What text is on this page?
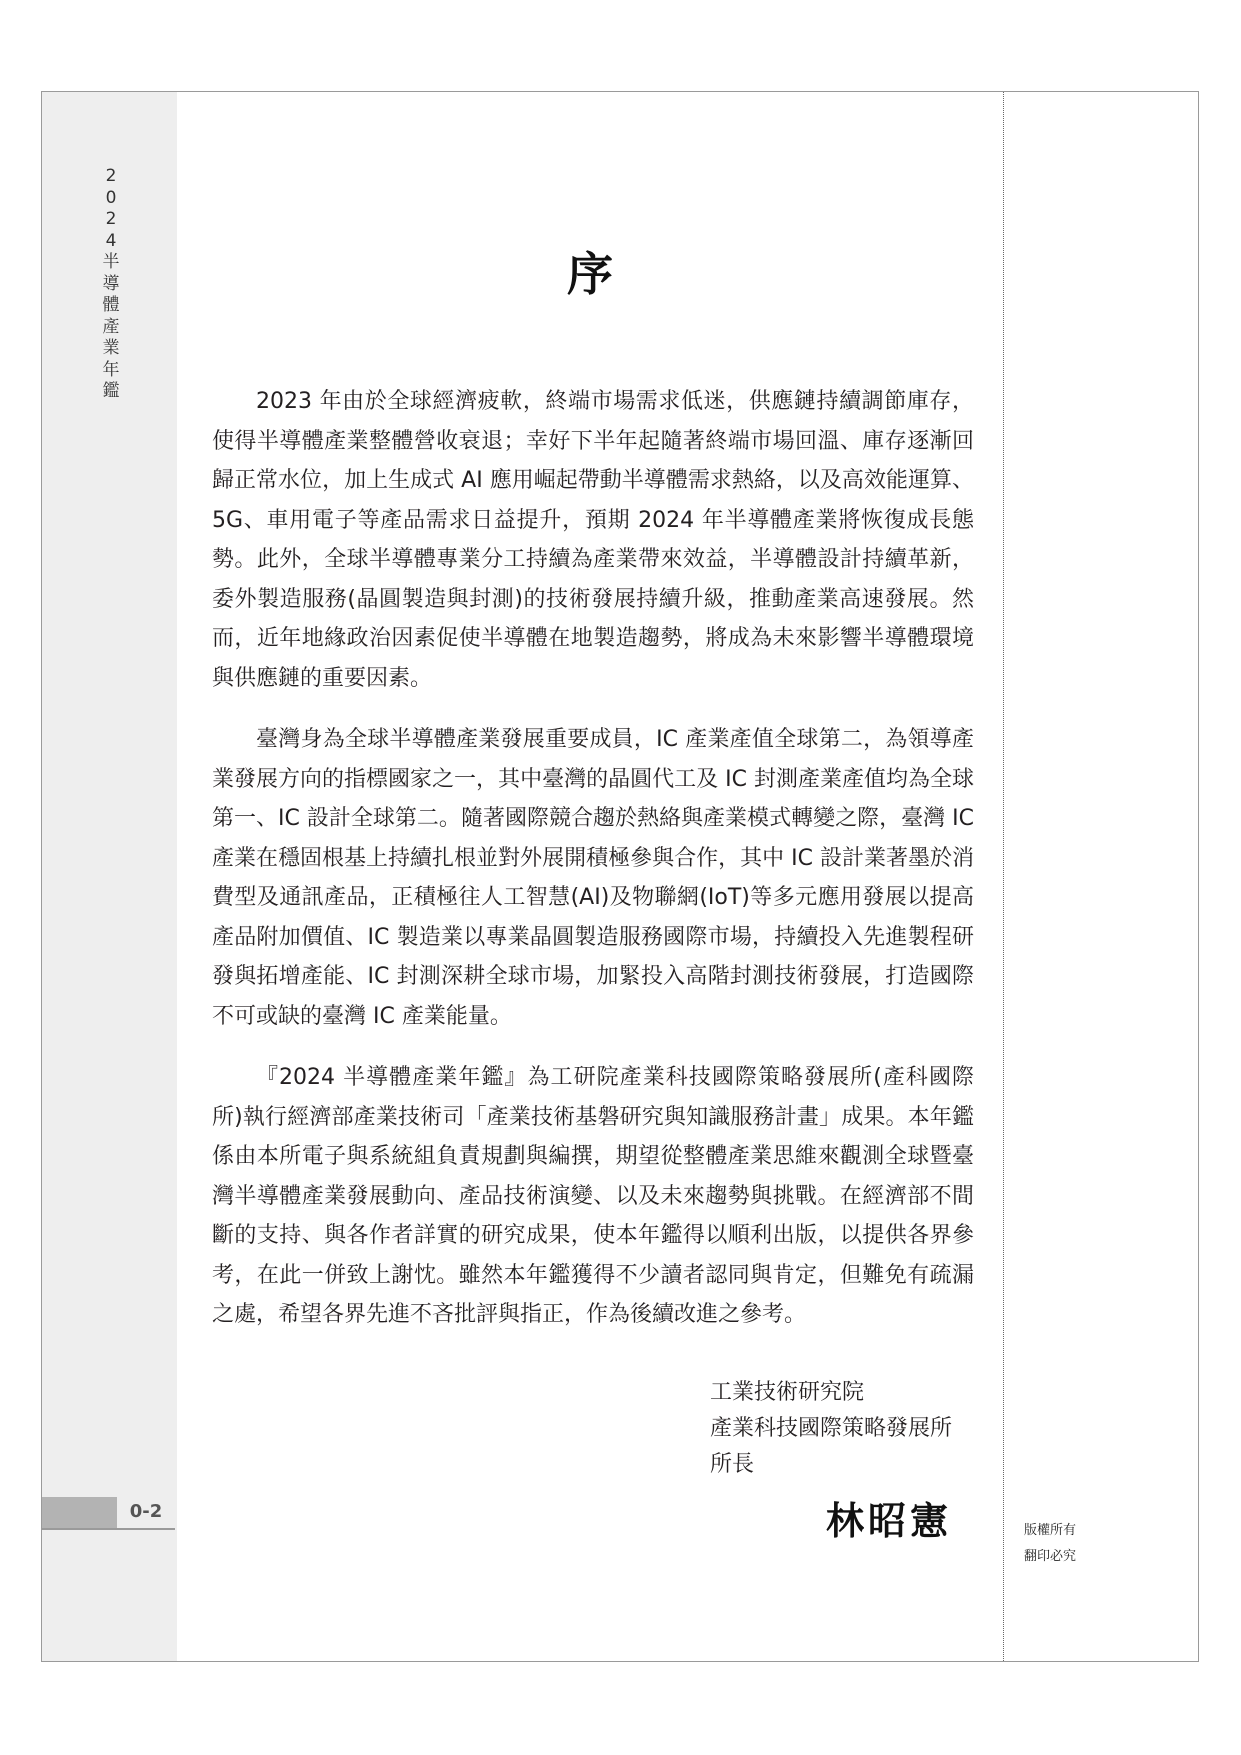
2
0
2
4
半
導
體
產
業
年
鑑
0-2
序

2023 年由於全球經濟疲軟，終端市場需求低迷，供應鏈持續調節庫存，使得半導體產業整體營收衰退；幸好下半年起隨著終端市場回溫、庫存逐漸回歸正常水位，加上生成式 AI 應用崛起帶動半導體需求熱絡，以及高效能運算、5G、車用電子等產品需求日益提升，預期 2024 年半導體產業將恢復成長態勢。此外，全球半導體專業分工持續為產業帶來效益，半導體設計持續革新，委外製造服務(晶圓製造與封測)的技術發展持續升級，推動產業高速發展。然而，近年地緣政治因素促使半導體在地製造趨勢，將成為未來影響半導體環境與供應鏈的重要因素。

臺灣身為全球半導體產業發展重要成員，IC 產業產值全球第二，為領導產業發展方向的指標國家之一，其中臺灣的晶圓代工及 IC 封測產業產值均為全球第一、IC 設計全球第二。隨著國際競合趨於熱絡與產業模式轉變之際，臺灣 IC 產業在穩固根基上持續扎根並對外展開積極參與合作，其中 IC 設計業著墨於消費型及通訊產品，正積極往人工智慧(AI)及物聯網(IoT)等多元應用發展以提高產品附加價值、IC 製造業以專業晶圓製造服務國際市場，持續投入先進製程研發與拓增產能、IC 封測深耕全球市場，加緊投入高階封測技術發展，打造國際不可或缺的臺灣 IC 產業能量。

『2024 半導體產業年鑑』為工研院產業科技國際策略發展所(產科國際所)執行經濟部產業技術司「產業技術基磐研究與知識服務計畫」成果。本年鑑係由本所電子與系統組負責規劃與編撰，期望從整體產業思維來觀測全球暨臺灣半導體產業發展動向、產品技術演變、以及未來趨勢與挑戰。在經濟部不間斷的支持、與各作者詳實的研究成果，使本年鑑得以順利出版，以提供各界參考，在此一併致上謝忱。雖然本年鑑獲得不少讀者認同與肯定，但難免有疏漏之處，希望各界先進不吝批評與指正，作為後續改進之參考。

工業技術研究院
產業科技國際策略發展所
所長
林昭憲	版權所有
翻印必究
